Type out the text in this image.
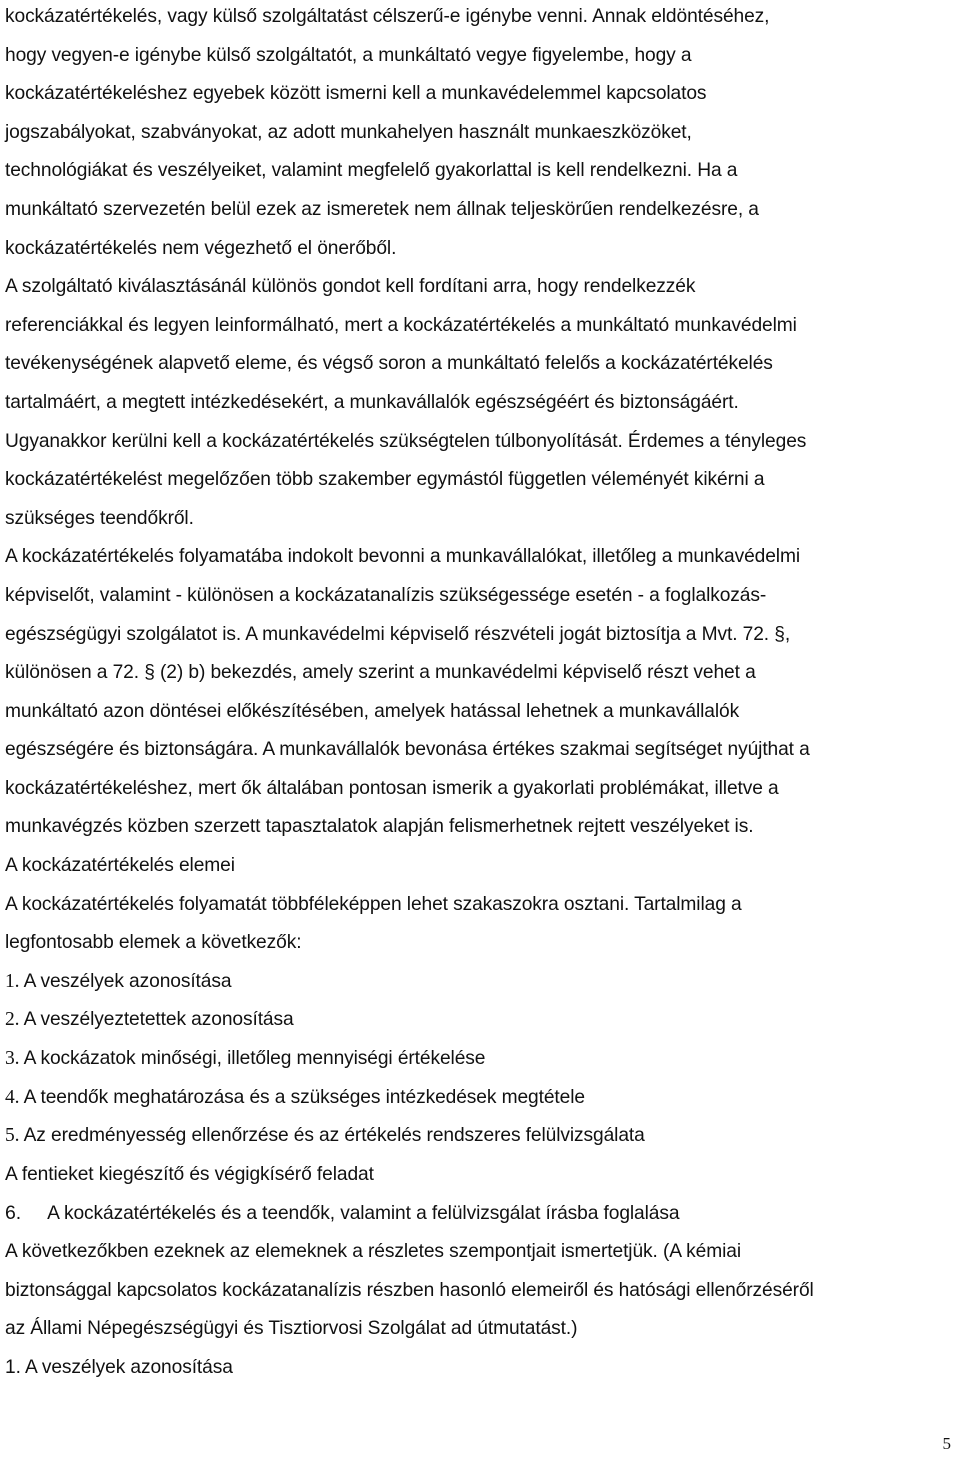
kockázatértékelés, vagy külső szolgáltatást célszerű-e igénybe venni. Annak eldöntéséhez,
hogy vegyen-e igénybe külső szolgáltatót, a munkáltató vegye figyelembe, hogy a
kockázatértékeléshez egyebek között ismerni kell a munkavédelemmel kapcsolatos
jogszabályokat, szabványokat, az adott munkahelyen használt munkaeszközöket,
technológiákat és veszélyeiket, valamint megfelelő gyakorlattal is kell rendelkezni. Ha a
munkáltató szervezetén belül ezek az ismeretek nem állnak teljeskörűen rendelkezésre, a
kockázatértékelés nem végezhető el önerőből.
A szolgáltató kiválasztásánál különös gondot kell fordítani arra, hogy rendelkezzék
referenciákkal és legyen leinformálható, mert a kockázatértékelés a munkáltató munkavédelmi
tevékenységének alapvető eleme, és végső soron a munkáltató felelős a kockázatértékelés
tartalmáért, a megtett intézkedésekért, a munkavállalók egészségéért és biztonságáért.
Ugyanakkor kerülni kell a kockázatértékelés szükségtelen túlbonyolítását. Érdemes a tényleges
kockázatértékelést megelőzően több szakember egymástól független véleményét kikérni a
szükséges teendőkről.
A kockázatértékelés folyamatába indokolt bevonni a munkavállalókat, illetőleg a munkavédelmi
képviselőt, valamint - különösen a kockázatanalízis szükségessége esetén - a foglalkozás-
egészségügyi szolgálatot is. A munkavédelmi képviselő részvételi jogát biztosítja a Mvt. 72. §,
különösen a 72. § (2) b) bekezdés, amely szerint a munkavédelmi képviselő részt vehet a
munkáltató azon döntései előkészítésében, amelyek hatással lehetnek a munkavállalók
egészségére és biztonságára. A munkavállalók bevonása értékes szakmai segítséget nyújthat a
kockázatértékeléshez, mert ők általában pontosan ismerik a gyakorlati problémákat, illetve a
munkavégzés közben szerzett tapasztalatok alapján felismerhetnek rejtett veszélyeket is.
A kockázatértékelés elemei
A kockázatértékelés folyamatát többféleképpen lehet szakaszokra osztani. Tartalmilag a
legfontosabb elemek a következők:
1. A veszélyek azonosítása
2. A veszélyeztetettek azonosítása
3. A kockázatok minőségi, illetőleg mennyiségi értékelése
4. A teendők meghatározása és a szükséges intézkedések megtétele
5. Az eredményesség ellenőrzése és az értékelés rendszeres felülvizsgálata
A fentieket kiegészítő és végigkísérő feladat
6. A kockázatértékelés és a teendők, valamint a felülvizsgálat írásba foglalása
A következőkben ezeknek az elemeknek a részletes szempontjait ismertetjük. (A kémiai
biztonsággal kapcsolatos kockázatanalízis részben hasonló elemeiről és hatósági ellenőrzéséről
az Állami Népegészségügyi és Tisztiorvosi Szolgálat ad útmutatást.)
1. A veszélyek azonosítása
5
